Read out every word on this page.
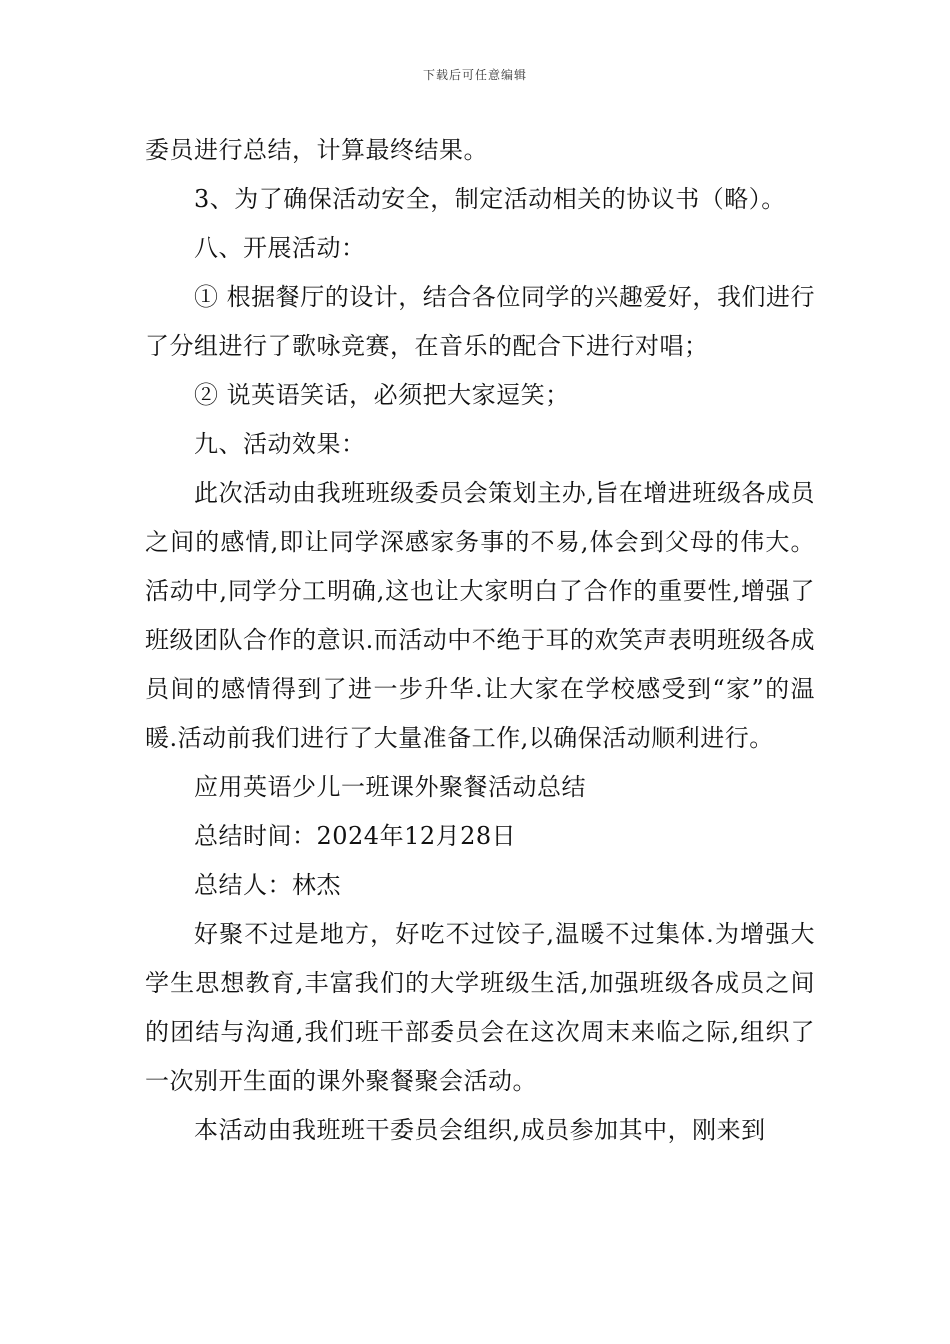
下载后可任意编辑

委员进行总结，计算最终结果。

3、为了确保活动安全，制定活动相关的协议书（略）。

八、开展活动：

① 根据餐厅的设计，结合各位同学的兴趣爱好，我们进行了分组进行了歌咏竞赛，在音乐的配合下进行对唱；

② 说英语笑话，必须把大家逗笑；

九、活动效果：

此次活动由我班班级委员会策划主办,旨在增进班级各成员之间的感情,即让同学深感家务事的不易,体会到父母的伟大。活动中,同学分工明确,这也让大家明白了合作的重要性,增强了班级团队合作的意识.而活动中不绝于耳的欢笑声表明班级各成员间的感情得到了进一步升华.让大家在学校感受到“家”的温暖.活动前我们进行了大量准备工作,以确保活动顺利进行。

应用英语少儿一班课外聚餐活动总结

总结时间：2024年12月28日

总结人：林杰

好聚不过是地方，好吃不过饺子,温暖不过集体.为增强大学生思想教育,丰富我们的大学班级生活,加强班级各成员之间的团结与沟通,我们班干部委员会在这次周末来临之际,组织了一次别开生面的课外聚餐聚会活动。

本活动由我班班干委员会组织,成员参加其中，刚来到
